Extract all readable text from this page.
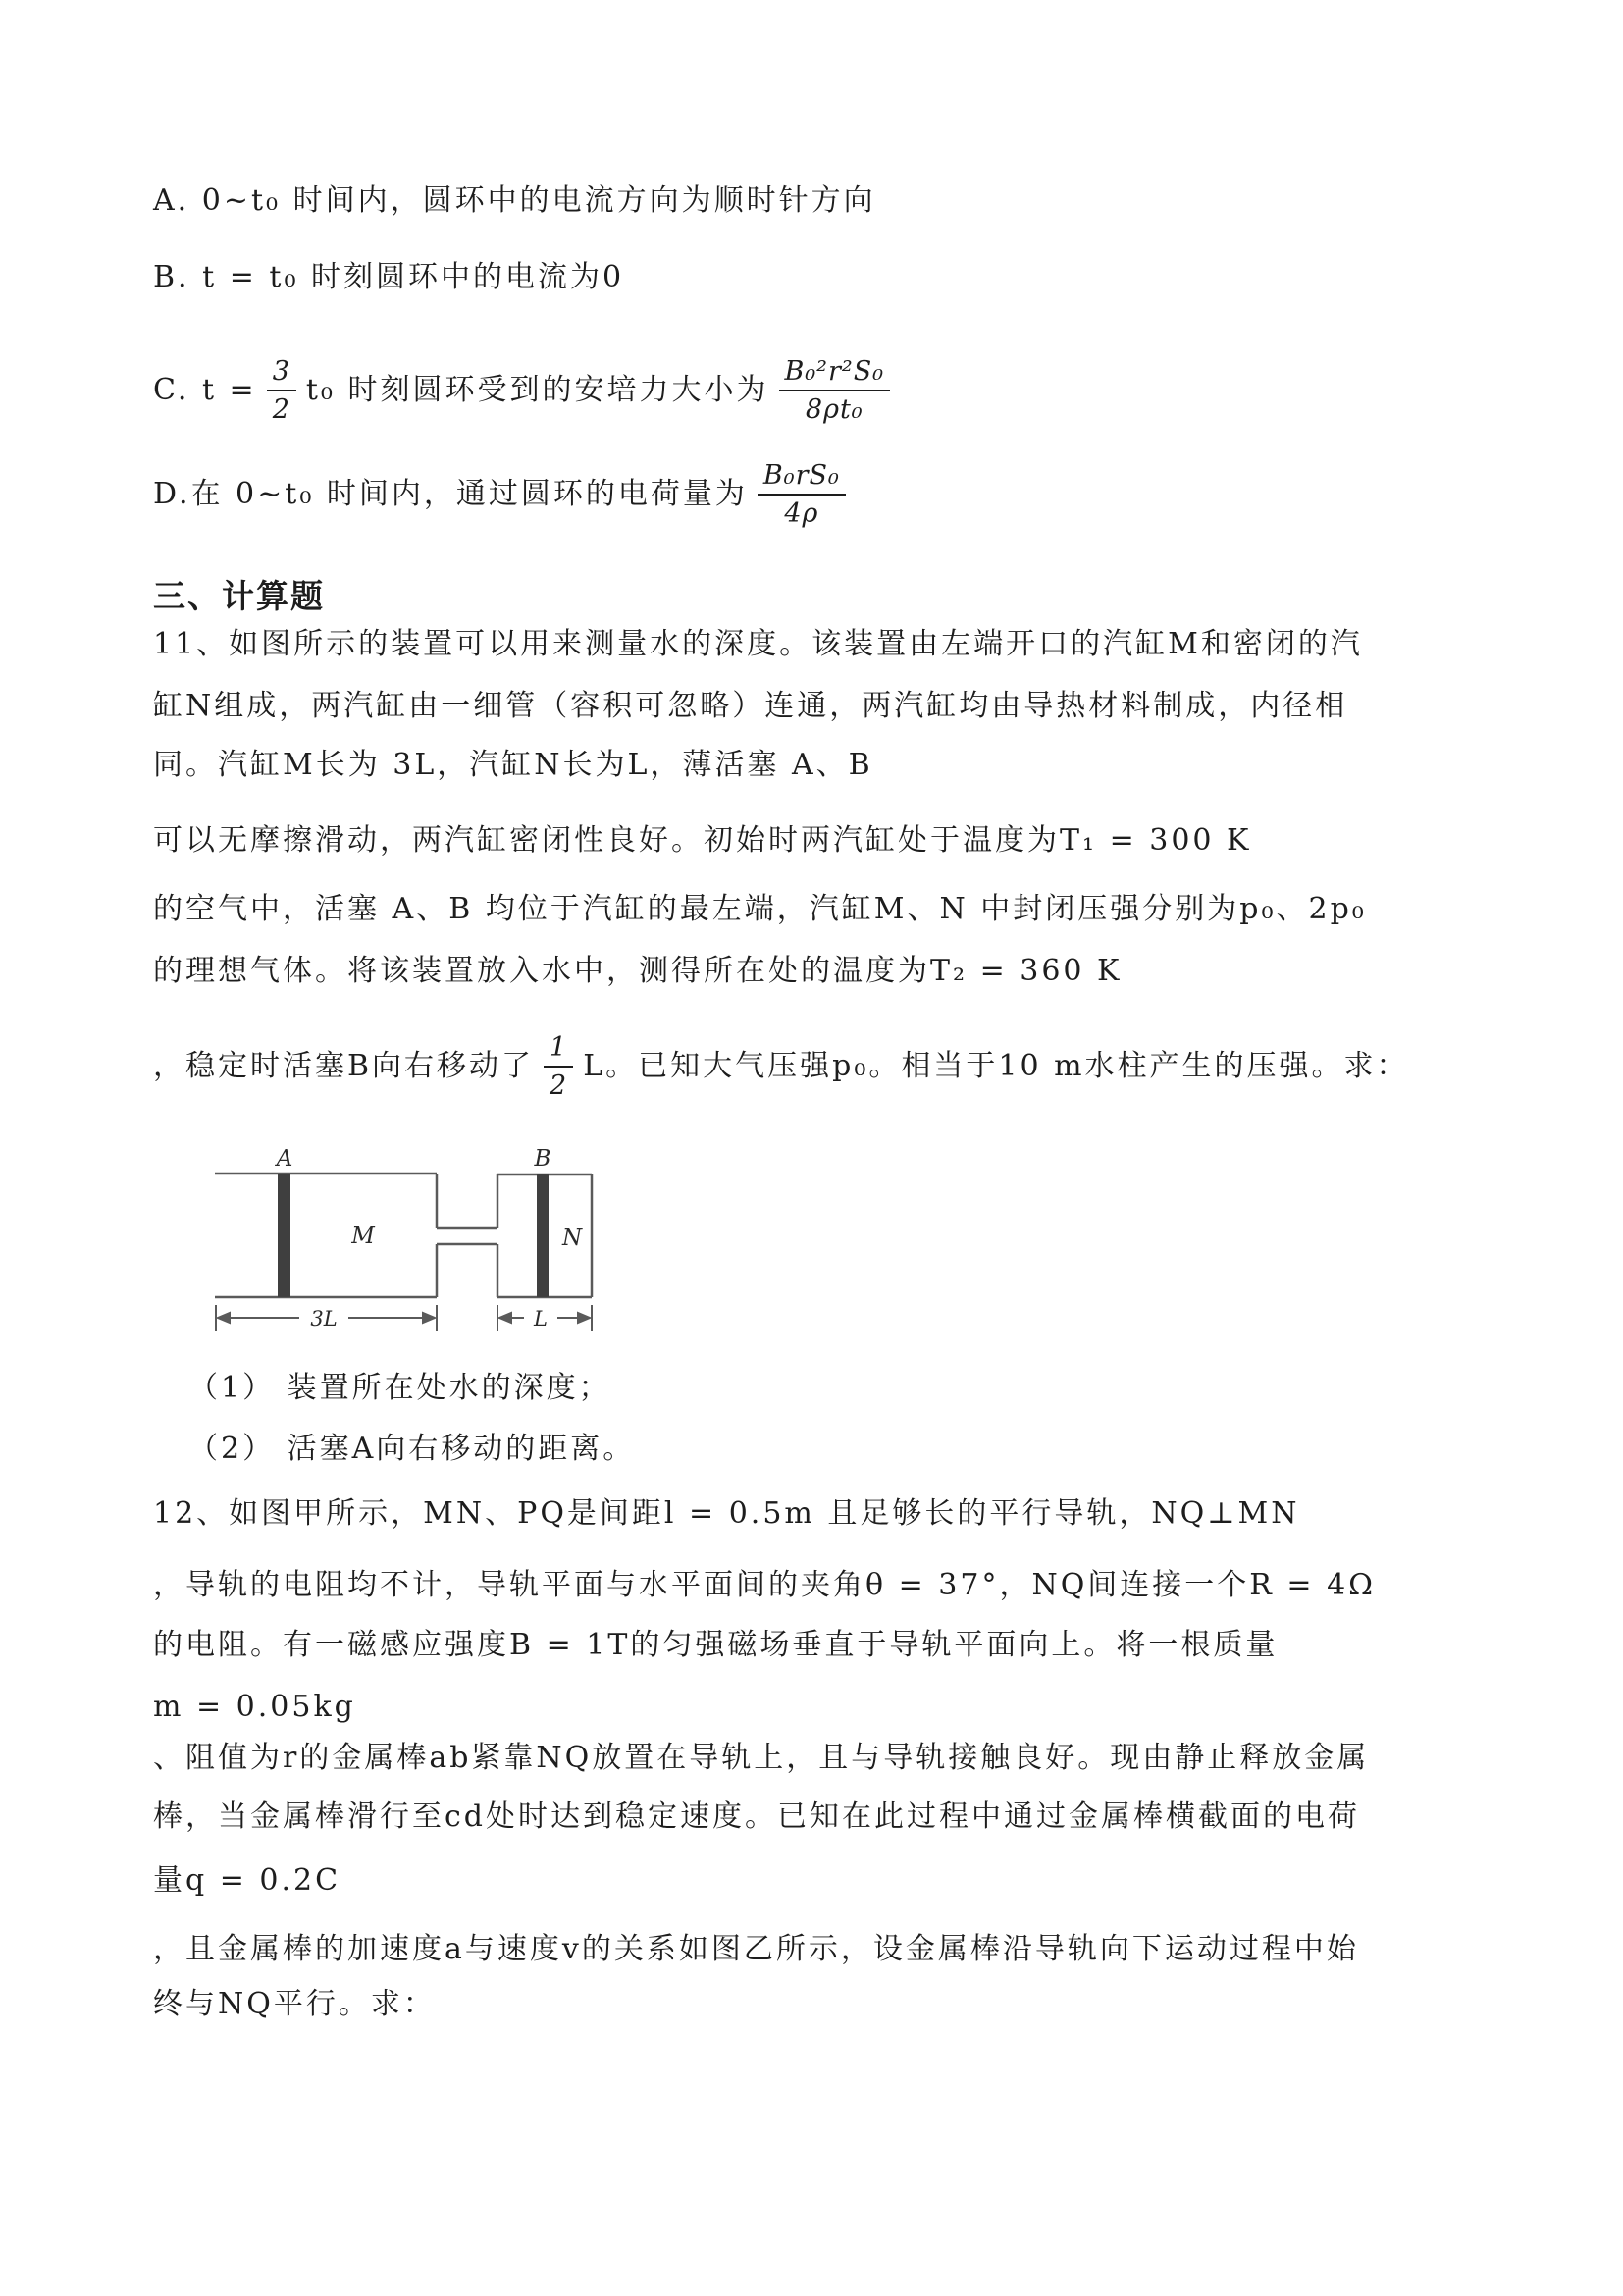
A. 0~t₀ 时间内，圆环中的电流方向为顺时针方向
B. t = t₀ 时刻圆环中的电流为0
C. $t = \frac{3}{2} t_0$ 时刻圆环受到的安培力大小为 $\frac{\text{B₀²r²S₀}}{\text{8ρt₀}}$
D.在 0~t₀ 时间内，通过圆环的电荷量为 $\frac{\text{B₀rS₀}}{4\rho}$
三、计算题
11、如图所示的装置可以用来测量水的深度。该装置由左端开口的汽缸M和密闭的汽
缸N组成，两汽缸由一细管（容积可忽略）连通，两汽缸均由导热材料制成，内径相
同。汽缸M长为 3L，汽缸N长为L，薄活塞 A、B
可以无摩擦滑动，两汽缸密闭性良好。初始时两汽缸处于温度为T₁ = 300 K
的空气中，活塞 A、B 均位于汽缸的最左端，汽缸M、N 中封闭压强分别为p₀、2p₀
的理想气体。将该装置放入水中，测得所在处的温度为T₂ = 360 K
，稳定时活塞B向右移动了 $\frac{1}{2}$ L。已知大气压强p₀。相当于10 m水柱产生的压强。求：
A	B
M	N
3L	L
（1） 装置所在处水的深度；
（2） 活塞A向右移动的距离。
12、如图甲所示，MN、PQ是间距l = 0.5m 且足够长的平行导轨，NQ⊥MN
，导轨的电阻均不计，导轨平面与水平面间的夹角θ = 37°，NQ间连接一个R = 4Ω
的电阻。有一磁感应强度B = 1T的匀强磁场垂直于导轨平面向上。将一根质量
m = 0.05kg
、阻值为r的金属棒ab紧靠NQ放置在导轨上，且与导轨接触良好。现由静止释放金属
棒，当金属棒滑行至cd处时达到稳定速度。已知在此过程中通过金属棒横截面的电荷
量q = 0.2C
，且金属棒的加速度a与速度v的关系如图乙所示，设金属棒沿导轨向下运动过程中始
终与NQ平行。求：
